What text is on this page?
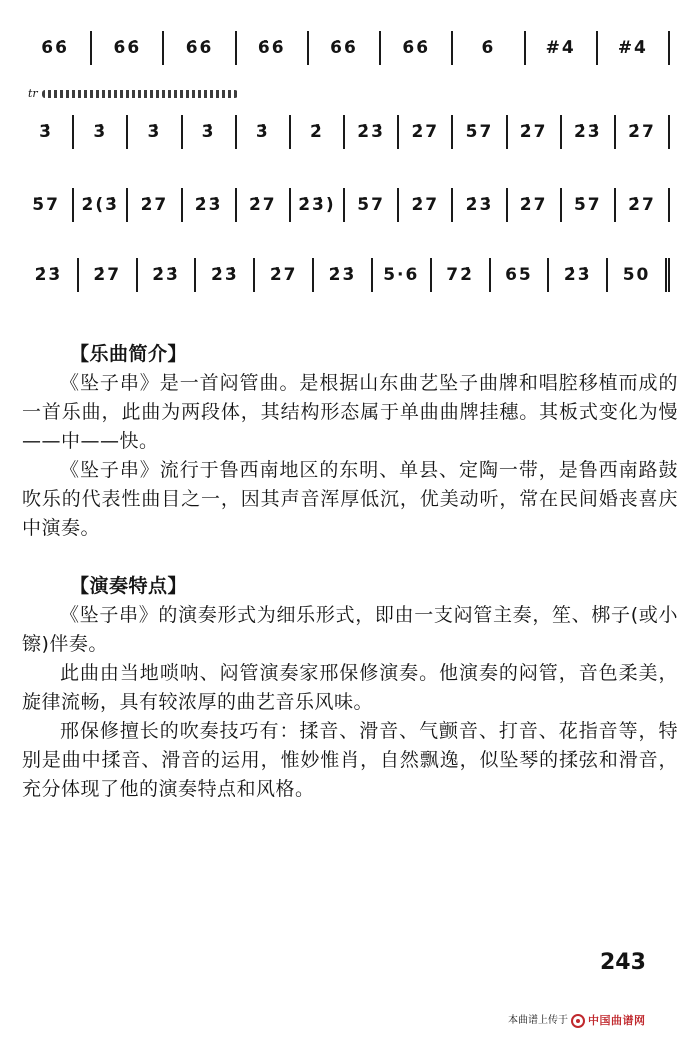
6̇6̇	6̇6̇	6̇6̇	6̇6̇	6̇6̇	6̇6̇	6̇	#4̇	#4̇
tr
3̇	3̇	3̇	3̇	3̇	2̇	2̇3̇	2̇7	5̇7	2̇7	2̇3̇	2̇7
5̇7	2̇(3̇	2̇7	2̇3̇	2̇7	2̇3̇)	5̇7	2̇7	2̇3̇	2̇7	5̇7	2̇7
2̇3̇	2̇7	2̇3̇	2̇3̇	2̇7	2̇3̇	5·6	72̇	65	2̇3̇	50
【乐曲简介】

《坠子串》是一首闷管曲。是根据山东曲艺坠子曲牌和唱腔移植而成的一首乐曲，此曲为两段体，其结构形态属于单曲曲牌挂穗。其板式变化为慢——中——快。

《坠子串》流行于鲁西南地区的东明、单县、定陶一带，是鲁西南路鼓吹乐的代表性曲目之一，因其声音浑厚低沉，优美动听，常在民间婚丧喜庆中演奏。

【演奏特点】

《坠子串》的演奏形式为细乐形式，即由一支闷管主奏，笙、梆子(或小镲)伴奏。

此曲由当地唢呐、闷管演奏家邢保修演奏。他演奏的闷管，音色柔美，旋律流畅，具有较浓厚的曲艺音乐风味。

邢保修擅长的吹奏技巧有：揉音、滑音、气颤音、打音、花指音等，特别是曲中揉音、滑音的运用，惟妙惟肖，自然飘逸，似坠琴的揉弦和滑音，充分体现了他的演奏特点和风格。

243
本曲谱上传于 中国曲谱网
